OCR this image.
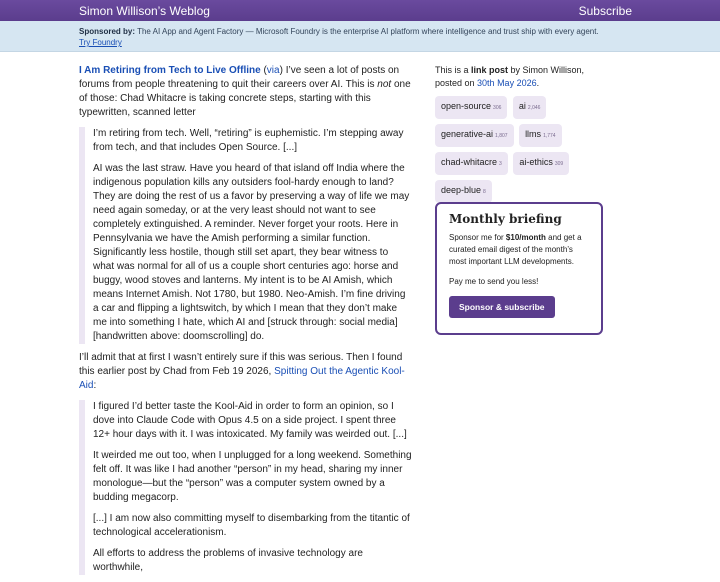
Simon Willison’s Weblog	Subscribe
Sponsored by: The AI App and Agent Factory — Microsoft Foundry is the enterprise AI platform where intelligence and trust ship with every agent.
Try Foundry

I Am Retiring from Tech to Live Offline (via) I’ve seen a lot of posts on forums from people threatening to quit their careers over AI. This is not one of those: Chad Whitacre is taking concrete steps, starting with this typewritten, scanned letter

I’m retiring from tech. Well, “retiring” is euphemistic. I’m stepping away from tech, and that includes Open Source. [...]

AI was the last straw. Have you heard of that island off India where the indigenous population kills any outsiders fool-hardy enough to land? They are doing the rest of us a favor by preserving a way of life we may need again someday, or at the very least should not want to see completely extinguished. A reminder. Never forget your roots. Here in Pennsylvania we have the Amish performing a similar function. Significantly less hostile, though still set apart, they bear witness to what was normal for all of us a couple short centuries ago: horse and buggy, wood stoves and lanterns. My intent is to be AI Amish, which means Internet Amish. Not 1780, but 1980. Neo-Amish. I’m fine driving a car and flipping a lightswitch, by which I mean that they don’t make me into something I hate, which AI and [struck through: social media] [handwritten above: doomscrolling] do.

I’ll admit that at first I wasn’t entirely sure if this was serious. Then I found this earlier post by Chad from Feb 19 2026, Spitting Out the Agentic Kool-Aid:

I figured I’d better taste the Kool-Aid in order to form an opinion, so I dove into Claude Code with Opus 4.5 on a side project. I spent three 12+ hour days with it. I was intoxicated. My family was weirded out. [...]

It weirded me out too, when I unplugged for a long weekend. Something felt off. It was like I had another “person” in my head, sharing my inner monologue—but the “person” was a computer system owned by a budding megacorp.

[...] I am now also committing myself to disembarking from the titantic of technological accelerationism.

All efforts to address the problems of invasive technology are worthwhile,

This is a link post by Simon Willison, posted on 30th May 2026.
open-source 306 ai 2,046 generative-ai 1,807 llms 1,774 chad-whitacre 3 ai-ethics 309 deep-blue 8
Monthly briefing

Sponsor me for $10/month and get a curated email digest of the month’s most important LLM developments.

Pay me to send you less!

Sponsor & subscribe
